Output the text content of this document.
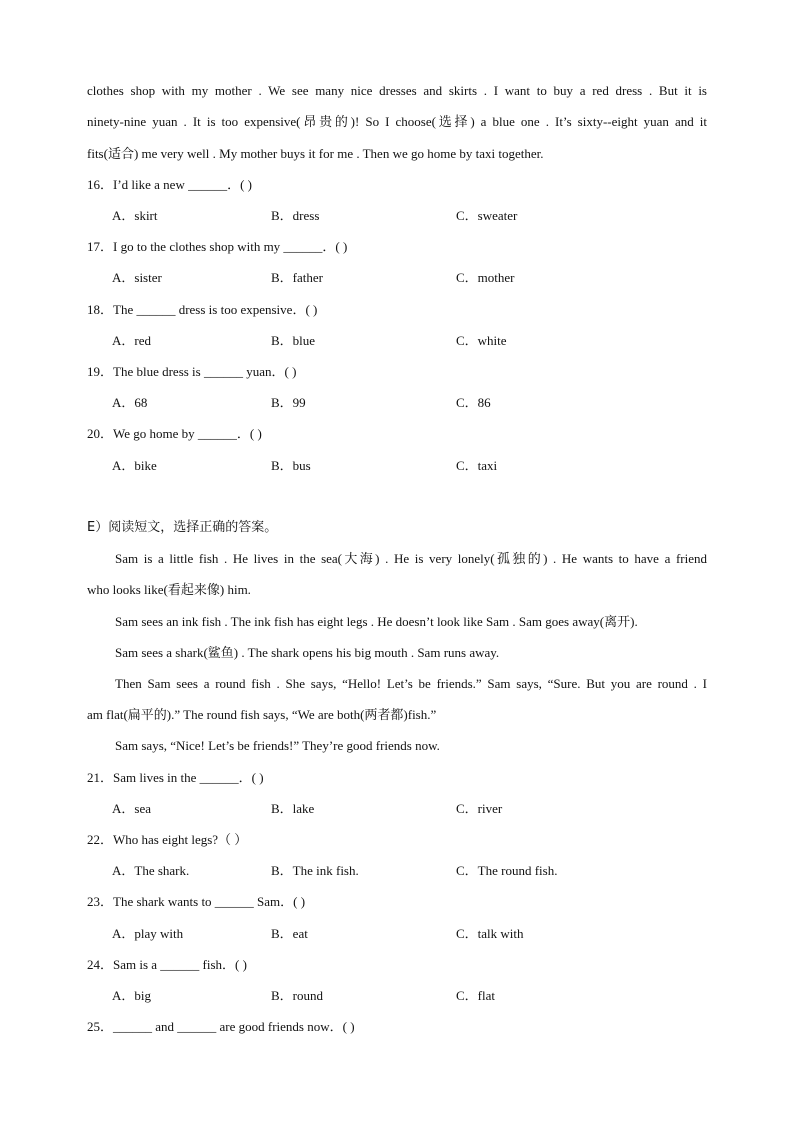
clothes shop with my mother . We see many nice dresses and skirts . I want to buy a red dress . But it is
ninety-nine yuan . It is too expensive(昂贵的)! So I choose(选择) a blue one . It’s sixty--eight yuan and it
fits(适合) me very well . My mother buys it for me . Then we go home by taxi together.
16．I’d like a new ______．( )
A．skirt	B．dress	C．sweater
17．I go to the clothes shop with my ______．( )
A．sister	B．father	C．mother
18．The ______ dress is too expensive．( )
A．red	B．blue	C．white
19．The blue dress is ______ yuan．( )
A．68	B．99	C．86
20．We go home by ______．( )
A．bike	B．bus	C．taxi
E）阅读短文，选择正确的答案。
Sam is a little fish . He lives in the sea(大海) . He is very lonely(孤独的) . He wants to have a friend
who looks like(看起来像) him.
Sam sees an ink fish . The ink fish has eight legs . He doesn’t look like Sam . Sam goes away(离开).
Sam sees a shark(鲨鱼) . The shark opens his big mouth . Sam runs away.
Then Sam sees a round fish . She says, “Hello! Let’s be friends.” Sam says, “Sure. But you are round . I
am flat(扁平的).” The round fish says, “We are both(两者都)fish.”
Sam says, “Nice! Let’s be friends!” They’re good friends now.
21．Sam lives in the ______．( )
A．sea	B．lake	C．river
22．Who has eight legs?（ ）
A．The shark.	B．The ink fish.	C．The round fish.
23．The shark wants to ______ Sam．( )
A．play with	B．eat	C．talk with
24．Sam is a ______ fish．( )
A．big	B．round	C．flat
25．______ and ______ are good friends now．( )
